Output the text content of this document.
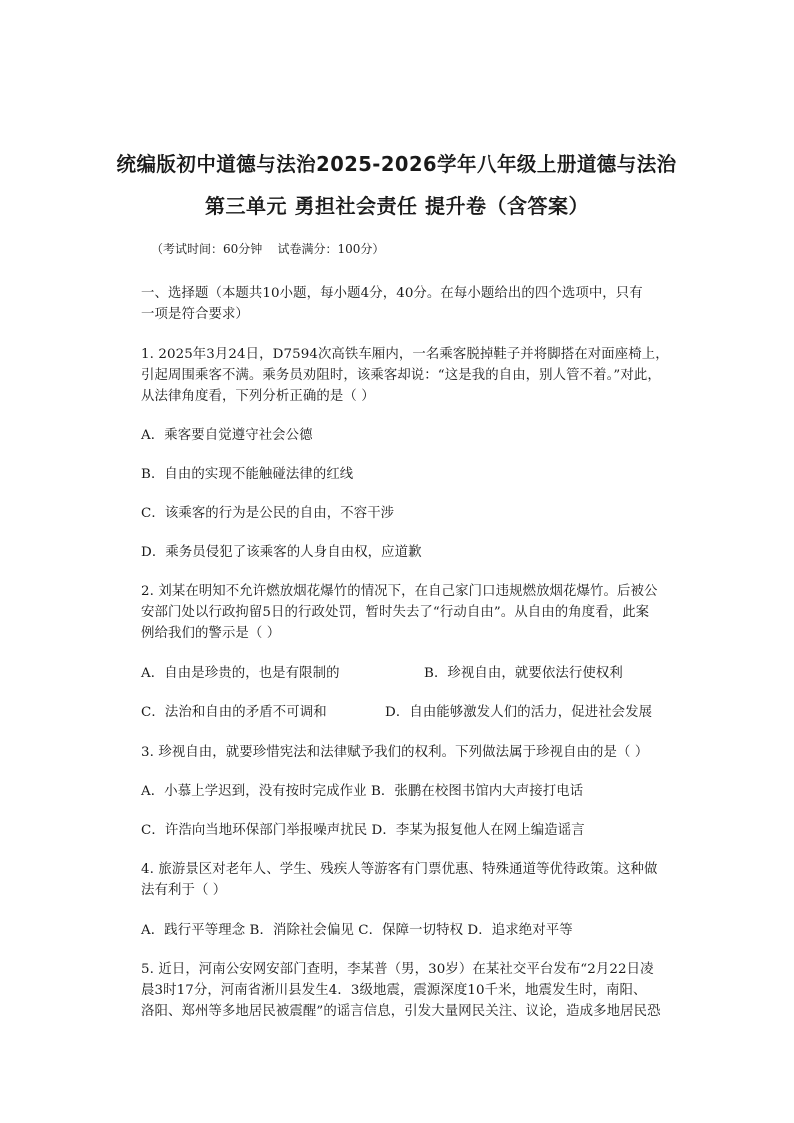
统编版初中道德与法治2025-2026学年八年级上册道德与法治
第三单元 勇担社会责任 提升卷（含答案）
（考试时间：60分钟    试卷满分：100分）
一、选择题（本题共10小题，每小题4分，40分。在每小题给出的四个选项中，只有
一项是符合要求）
1. 2025年3月24日，D7594次高铁车厢内，一名乘客脱掉鞋子并将脚搭在对面座椅上，
引起周围乘客不满。乘务员劝阻时，该乘客却说：“这是我的自由，别人管不着。”对此，
从法律角度看，下列分析正确的是（ ）
A．乘客要自觉遵守社会公德
B．自由的实现不能触碰法律的红线
C．该乘客的行为是公民的自由，不容干涉
D．乘务员侵犯了该乘客的人身自由权，应道歉
2. 刘某在明知不允许燃放烟花爆竹的情况下，在自己家门口违规燃放烟花爆竹。后被公
安部门处以行政拘留5日的行政处罚，暂时失去了“行动自由”。从自由的角度看，此案
例给我们的警示是（ ）
A．自由是珍贵的，也是有限制的	B．珍视自由，就要依法行使权利
C．法治和自由的矛盾不可调和	D．自由能够激发人们的活力，促进社会发展
3. 珍视自由，就要珍惜宪法和法律赋予我们的权利。下列做法属于珍视自由的是（ ）
A．小慕上学迟到，没有按时完成作业 B．张鹏在校图书馆内大声接打电话
C．许浩向当地环保部门举报噪声扰民 D．李某为报复他人在网上编造谣言
4. 旅游景区对老年人、学生、残疾人等游客有门票优惠、特殊通道等优待政策。这种做
法有利于（ ）
A．践行平等理念 B．消除社会偏见 C．保障一切特权 D．追求绝对平等
5. 近日，河南公安网安部门查明，李某普（男，30岁）在某社交平台发布“2月22日凌
晨3时17分，河南省淅川县发生4．3级地震，震源深度10千米，地震发生时，南阳、
洛阳、郑州等多地居民被震醒”的谣言信息，引发大量网民关注、议论，造成多地居民恐
